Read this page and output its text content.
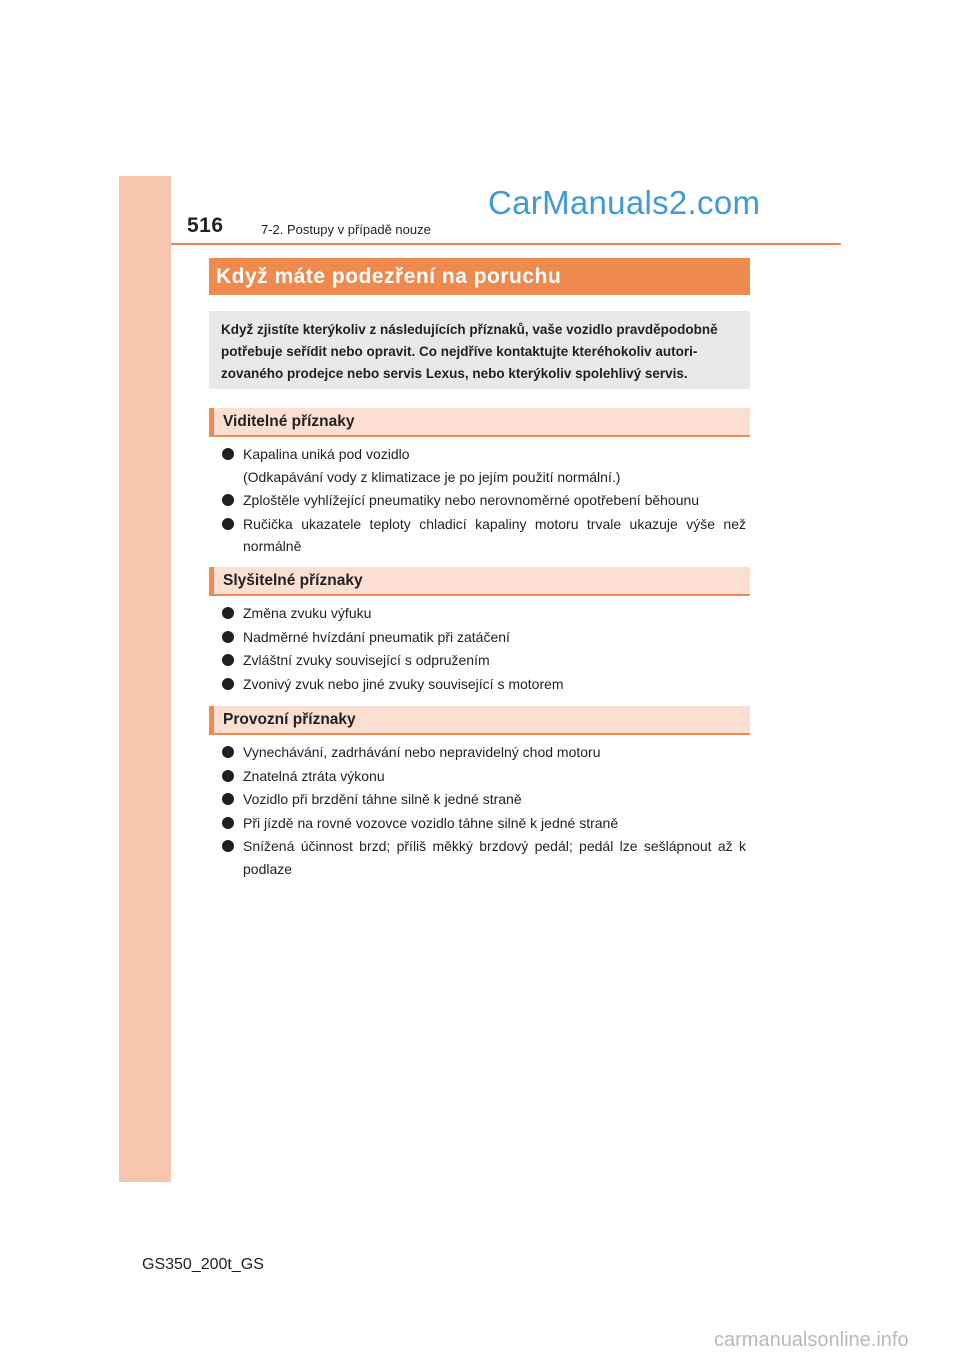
516	7-2. Postupy v případě nouze
CarManuals2.com
Když máte podezření na poruchu

Když zjistíte kterýkoliv z následujících příznaků, vaše vozidlo pravděpodobně

potřebuje seřídit nebo opravit. Co nejdříve kontaktujte kteréhokoliv autori-

zovaného prodejce nebo servis Lexus, nebo kterýkoliv spolehlivý servis.

Viditelné příznaky
Kapalina uniká pod vozidlo
(Odkapávání vody z klimatizace je po jejím použití normální.)
Zploštěle vyhlížející pneumatiky nebo nerovnoměrné opotřebení běhounu
Ručička ukazatele teploty chladicí kapaliny motoru trvale ukazuje výše než normálně
Slyšitelné příznaky
Změna zvuku výfuku
Nadměrné hvízdání pneumatik při zatáčení
Zvláštní zvuky související s odpružením
Zvonivý zvuk nebo jiné zvuky související s motorem
Provozní příznaky
Vynechávání, zadrhávání nebo nepravidelný chod motoru
Znatelná ztráta výkonu
Vozidlo při brzdění táhne silně k jedné straně
Při jízdě na rovné vozovce vozidlo táhne silně k jedné straně
Snížená účinnost brzd; příliš měkký brzdový pedál; pedál lze sešlápnout až k podlaze
GS350_200t_GS
carmanualsonline.info
